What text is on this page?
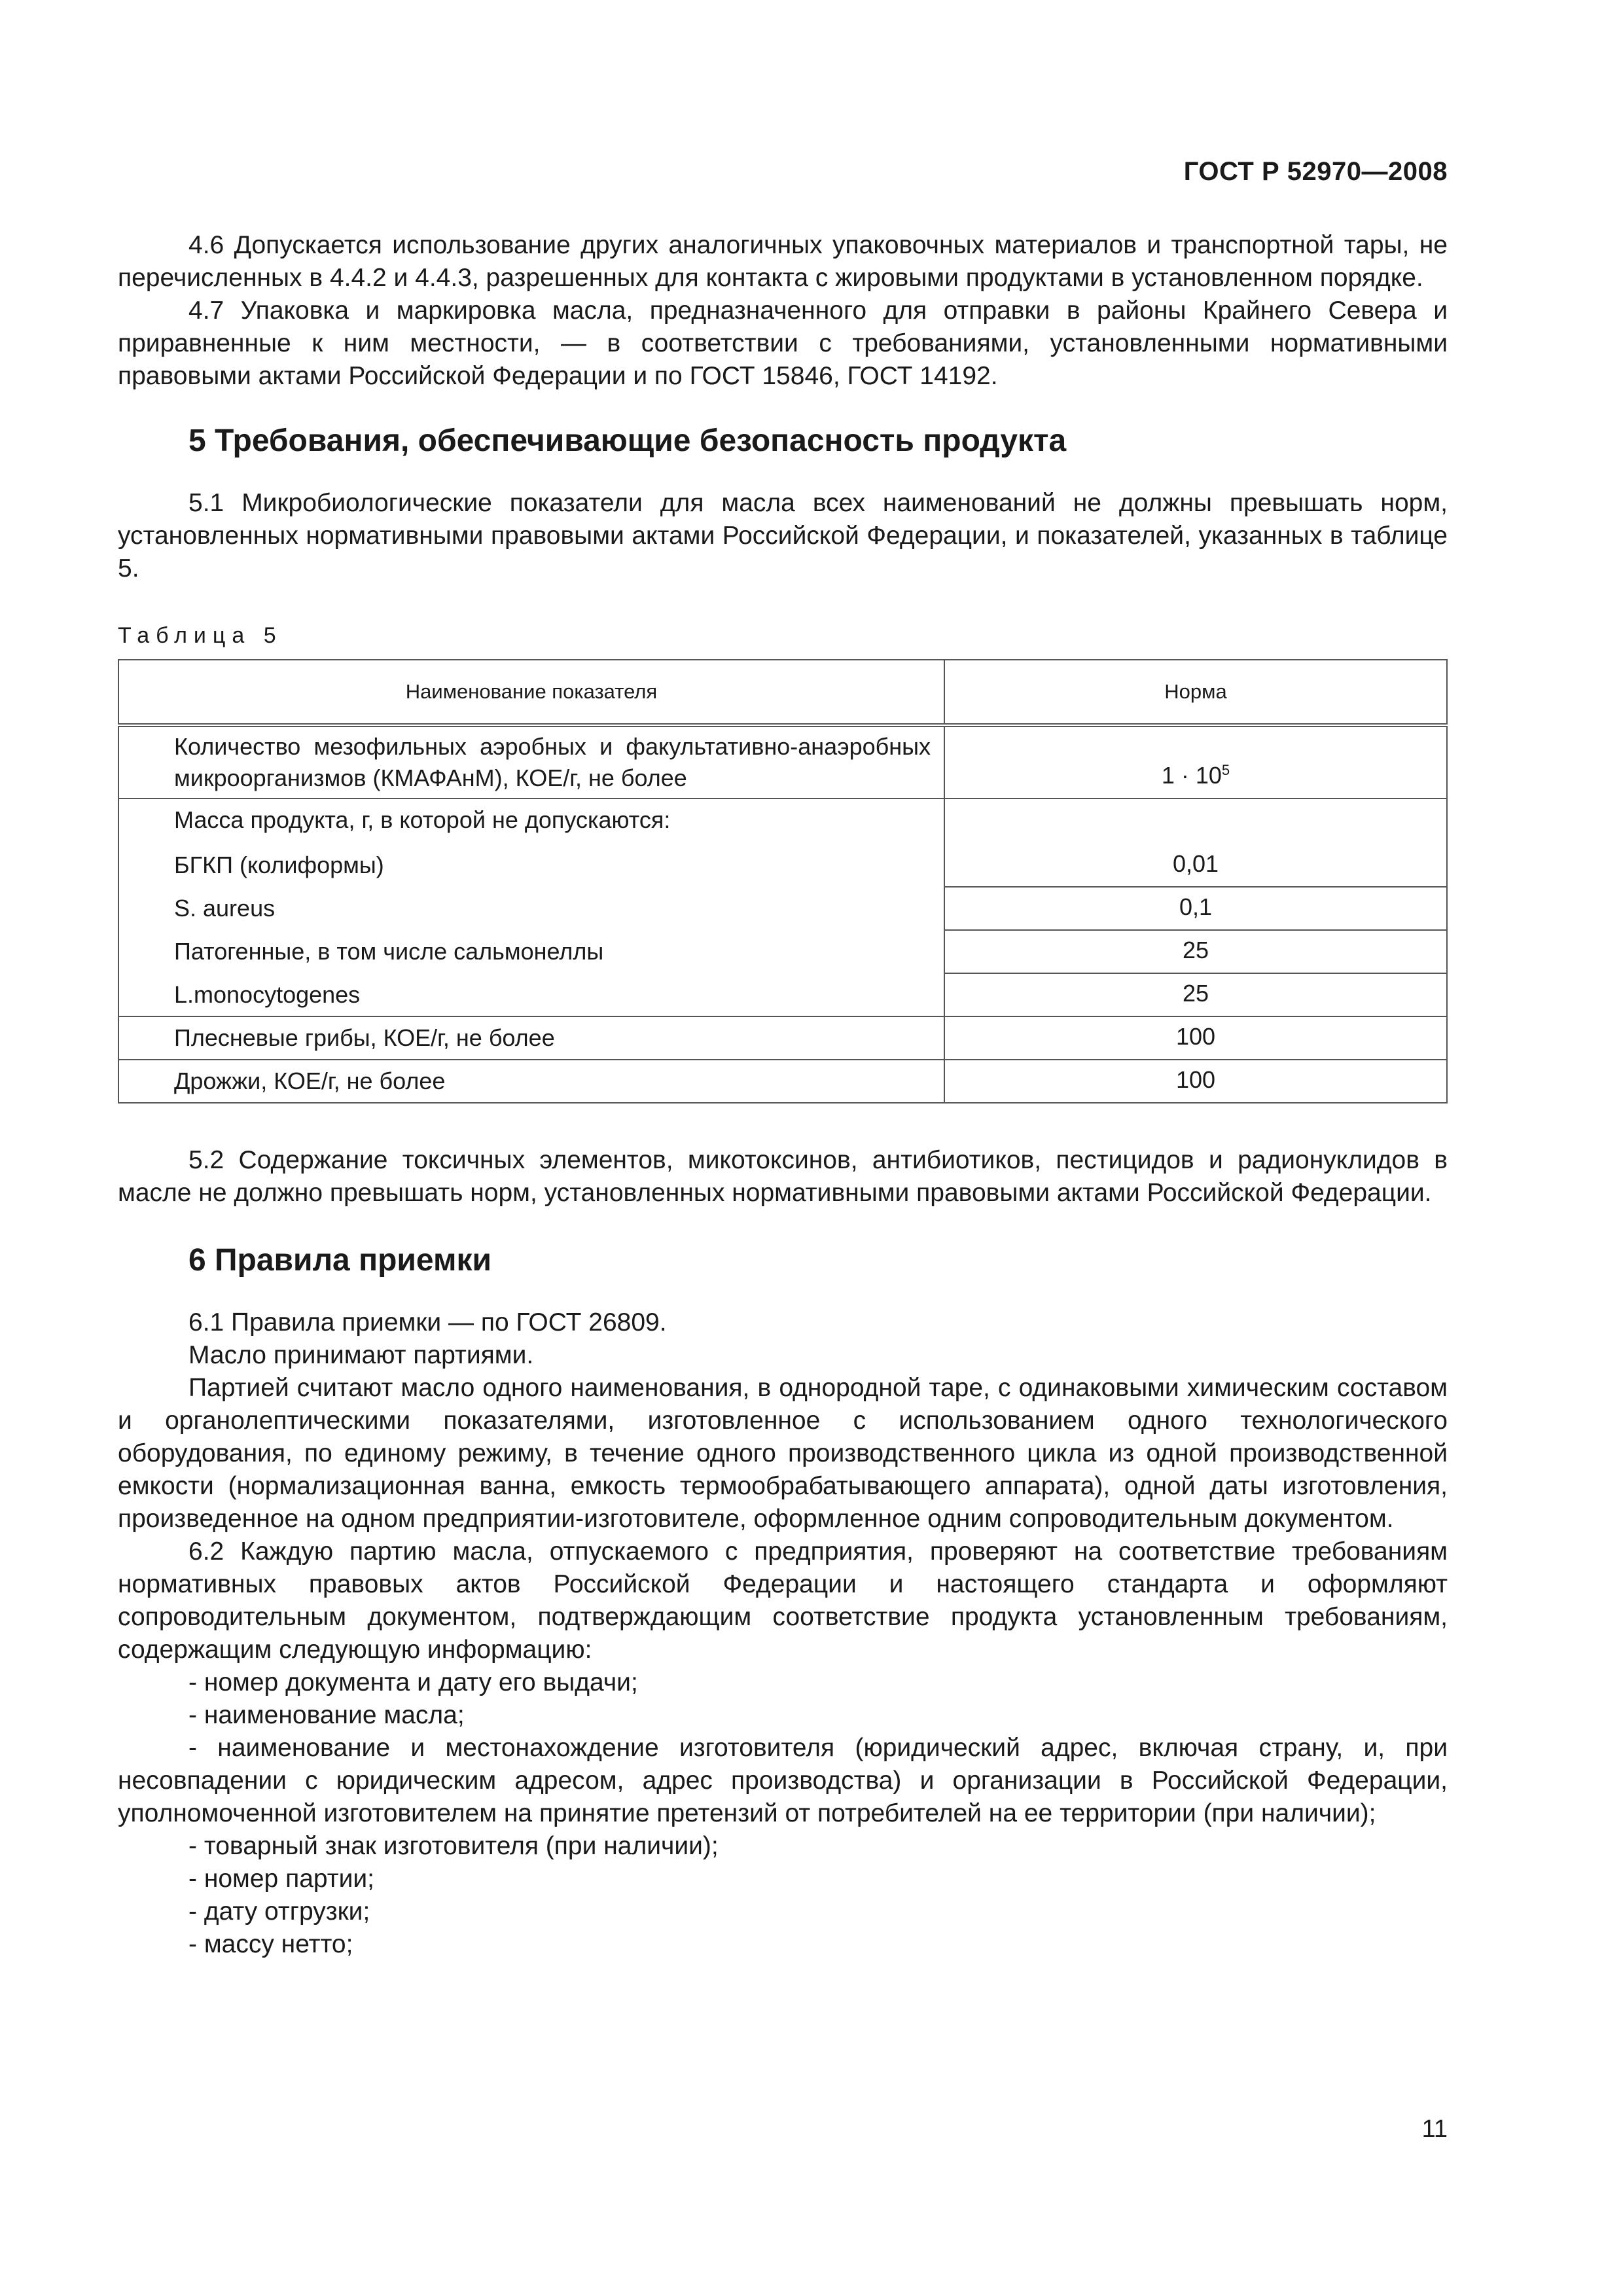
ГОСТ Р 52970—2008

4.6 Допускается использование других аналогичных упаковочных материалов и транспортной тары, не перечисленных в 4.4.2 и 4.4.3, разрешенных для контакта с жировыми продуктами в установленном порядке.

4.7 Упаковка и маркировка масла, предназначенного для отправки в районы Крайнего Севера и приравненные к ним местности, — в соответствии с требованиями, установленными нормативными правовыми актами Российской Федерации и по ГОСТ 15846, ГОСТ 14192.

5 Требования, обеспечивающие безопасность продукта

5.1 Микробиологические показатели для масла всех наименований не должны превышать норм, установленных нормативными правовыми актами Российской Федерации, и показателей, указанных в таблице 5.

Таблица 5
Наименование показателя	Норма
Количество мезофильных аэробных и факультативно-анаэробных микроорганизмов (КМАФАнМ), КОЕ/г, не более	$1 \cdot 10^5$
Масса продукта, г, в которой не допускаются:	
БГКП (колиформы)	0,01
S. aureus	0,1
Патогенные, в том числе сальмонеллы	25
L.monocytogenes	25
Плесневые грибы, КОЕ/г, не более	100
Дрожжи, КОЕ/г, не более	100

5.2 Содержание токсичных элементов, микотоксинов, антибиотиков, пестицидов и радионуклидов в масле не должно превышать норм, установленных нормативными правовыми актами Российской Федерации.

6 Правила приемки

6.1 Правила приемки — по ГОСТ 26809.

Масло принимают партиями.

Партией считают масло одного наименования, в однородной таре, с одинаковыми химическим составом и органолептическими показателями, изготовленное с использованием одного технологического оборудования, по единому режиму, в течение одного производственного цикла из одной производственной емкости (нормализационная ванна, емкость термообрабатывающего аппарата), одной даты изготовления, произведенное на одном предприятии-изготовителе, оформленное одним сопроводительным документом.

6.2 Каждую партию масла, отпускаемого с предприятия, проверяют на соответствие требованиям нормативных правовых актов Российской Федерации и настоящего стандарта и оформляют сопроводительным документом, подтверждающим соответствие продукта установленным требованиям, содержащим следующую информацию:

- номер документа и дату его выдачи;

- наименование масла;

- наименование и местонахождение изготовителя (юридический адрес, включая страну, и, при несовпадении с юридическим адресом, адрес производства) и организации в Российской Федерации, уполномоченной изготовителем на принятие претензий от потребителей на ее территории (при наличии);

- товарный знак изготовителя (при наличии);

- номер партии;

- дату отгрузки;

- массу нетто;

11
